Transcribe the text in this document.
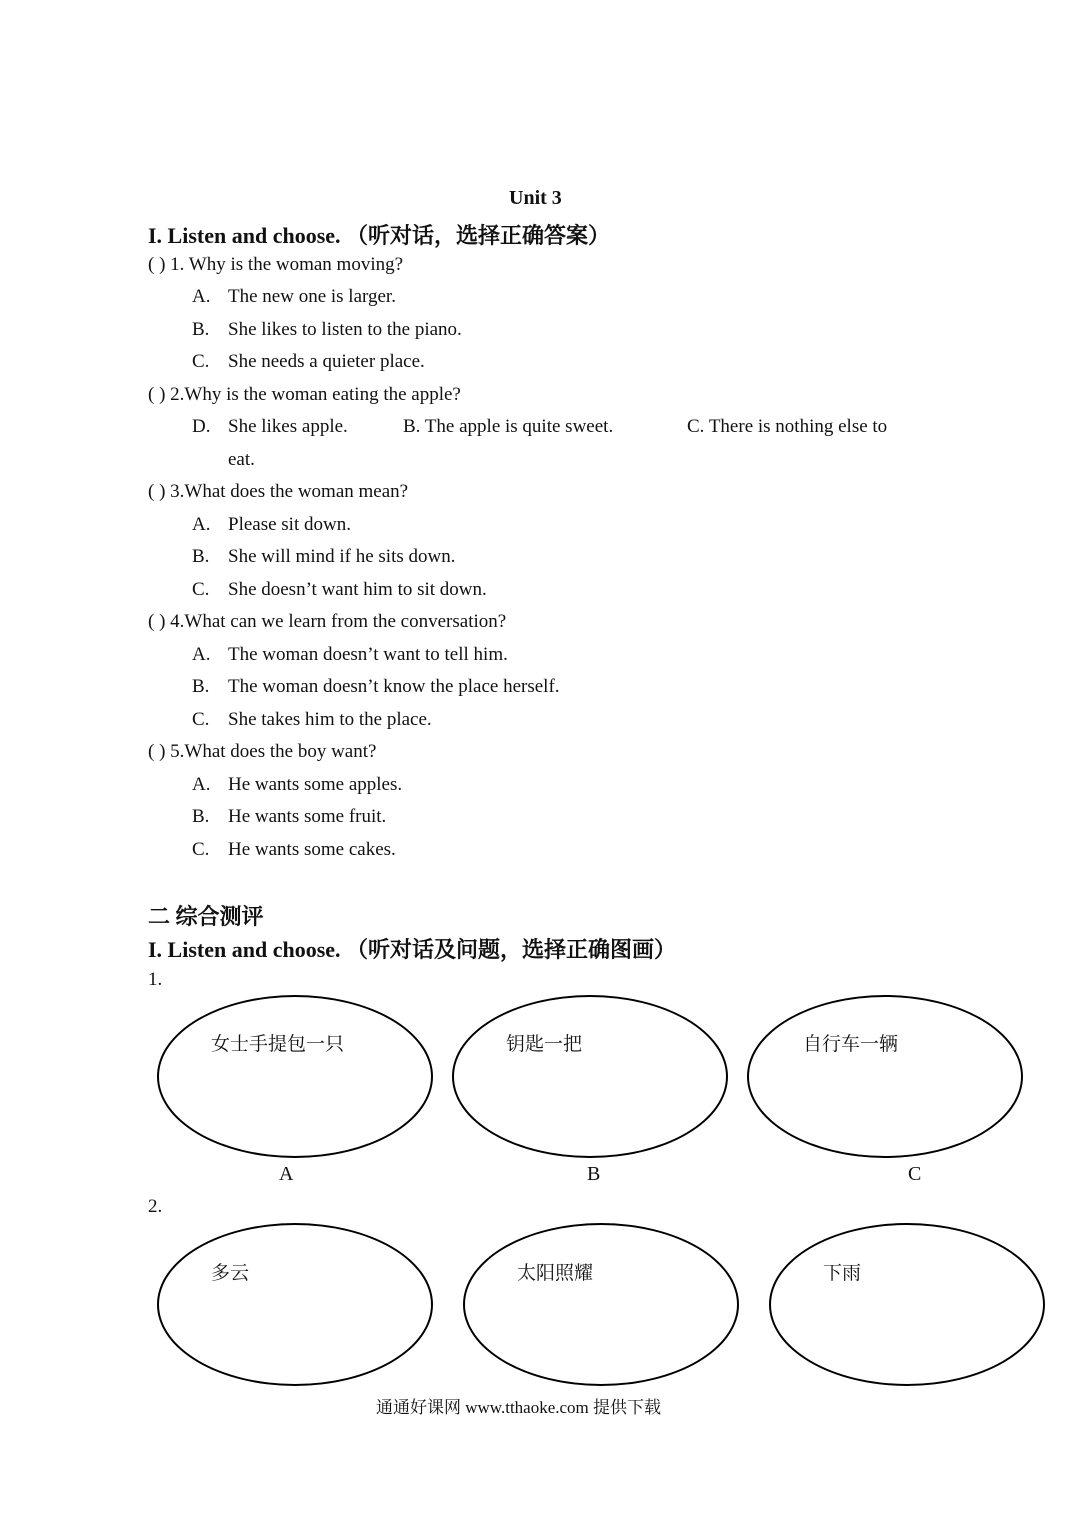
Unit 3
I. Listen and choose. （听对话，选择正确答案）
( ) 1. Why is the woman moving?
A. The new one is larger.
B. She likes to listen to the piano.
C. She needs a quieter place.
( ) 2.Why is the woman eating the apple?
D. She likes apple.	B. The apple is quite sweet.	C. There is nothing else to
eat.
( ) 3.What does the woman mean?
A. Please sit down.
B. She will mind if he sits down.
C. She doesn’t want him to sit down.
( ) 4.What can we learn from the conversation?
A. The woman doesn’t want to tell him.
B. The woman doesn’t know the place herself.
C. She takes him to the place.
( ) 5.What does the boy want?
A. He wants some apples.
B. He wants some fruit.
C. He wants some cakes.
二 综合测评
I. Listen and choose. （听对话及问题，选择正确图画）
1.
女士手提包一只	钥匙一把	自行车一辆
A	B	C
2.
多云	太阳照耀	下雨
通通好课网 www.tthaoke.com 提供下载
